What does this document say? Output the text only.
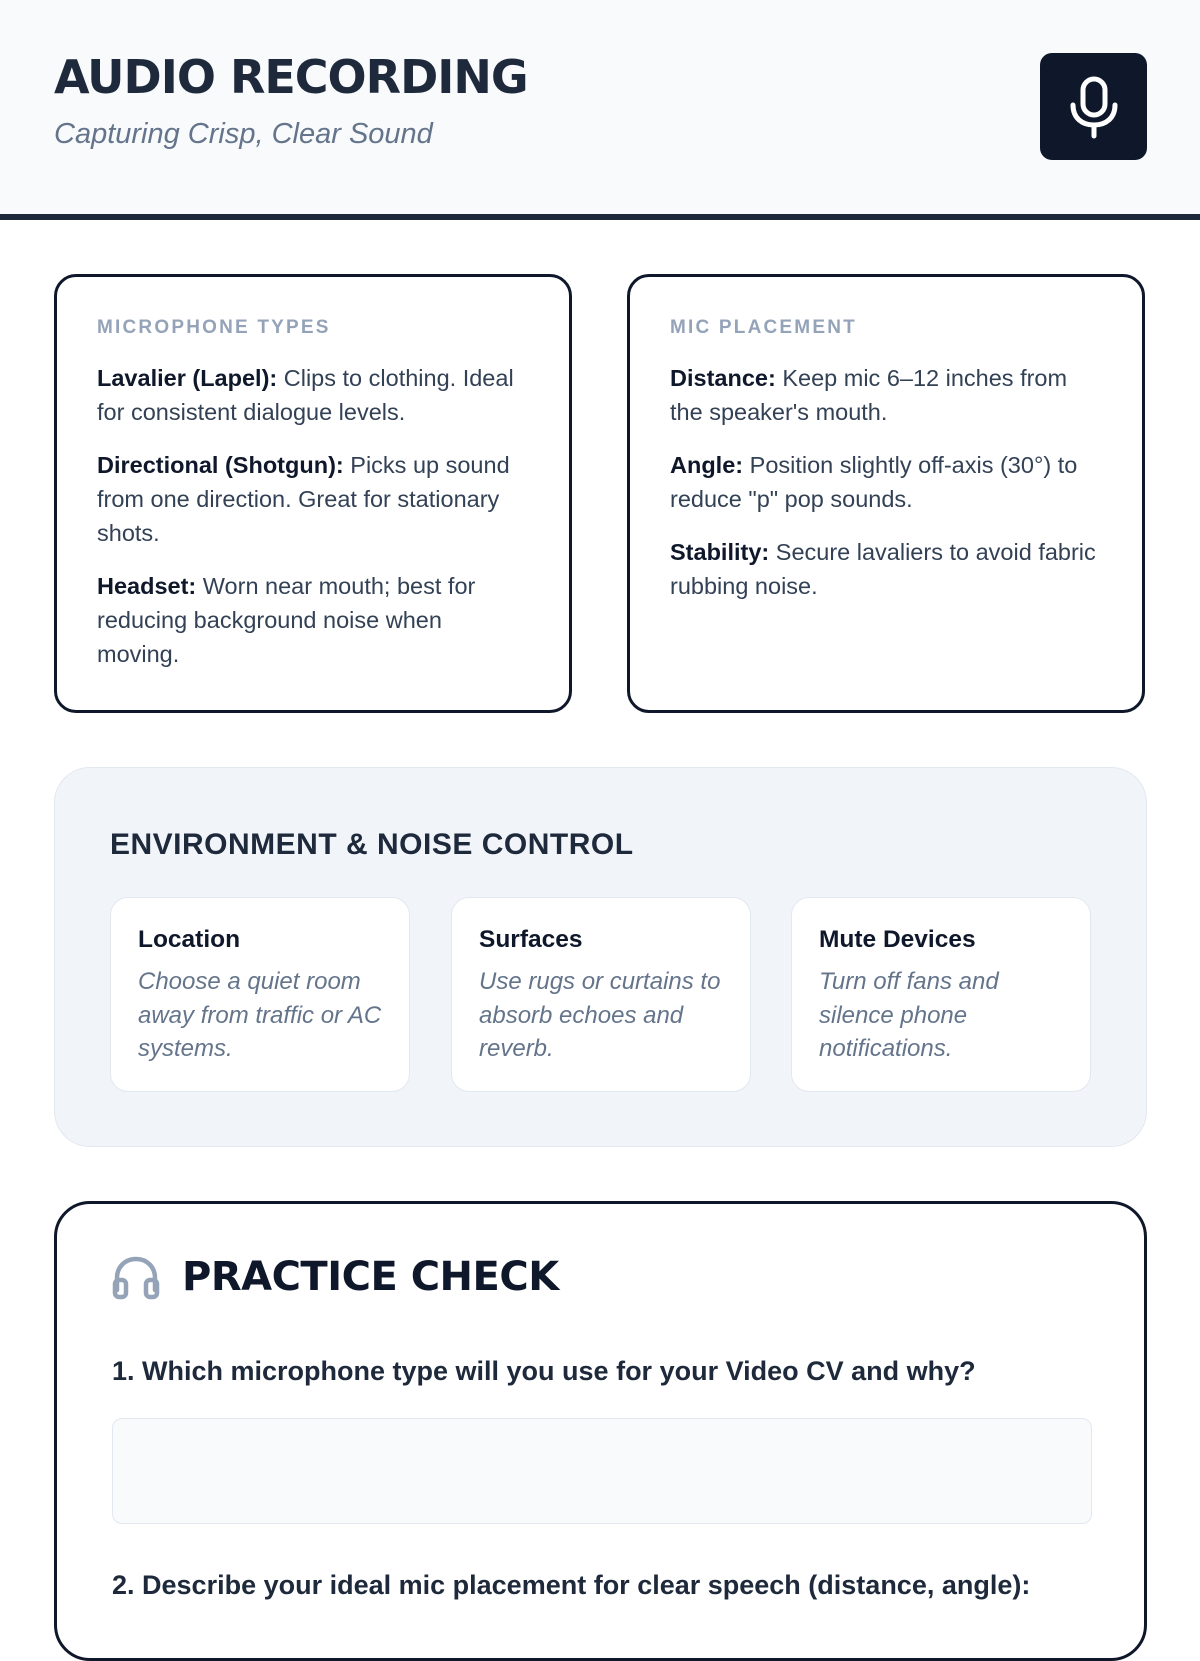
AUDIO RECORDING

Capturing Crisp, Clear Sound

MICROPHONE TYPES

Lavalier (Lapel): Clips to clothing. Ideal for consistent dialogue levels.

Directional (Shotgun): Picks up sound from one direction. Great for stationary shots.

Headset: Worn near mouth; best for reducing background noise when moving.

MIC PLACEMENT

Distance: Keep mic 6–12 inches from the speaker's mouth.

Angle: Position slightly off-axis (30°) to reduce "p" pop sounds.

Stability: Secure lavaliers to avoid fabric rubbing noise.

ENVIRONMENT & NOISE CONTROL
Location

Choose a quiet room away from traffic or AC systems.

Surfaces

Use rugs or curtains to absorb echoes and reverb.

Mute Devices

Turn off fans and silence phone notifications.

PRACTICE CHECK

1. Which microphone type will you use for your Video CV and why?

2. Describe your ideal mic placement for clear speech (distance, angle):
